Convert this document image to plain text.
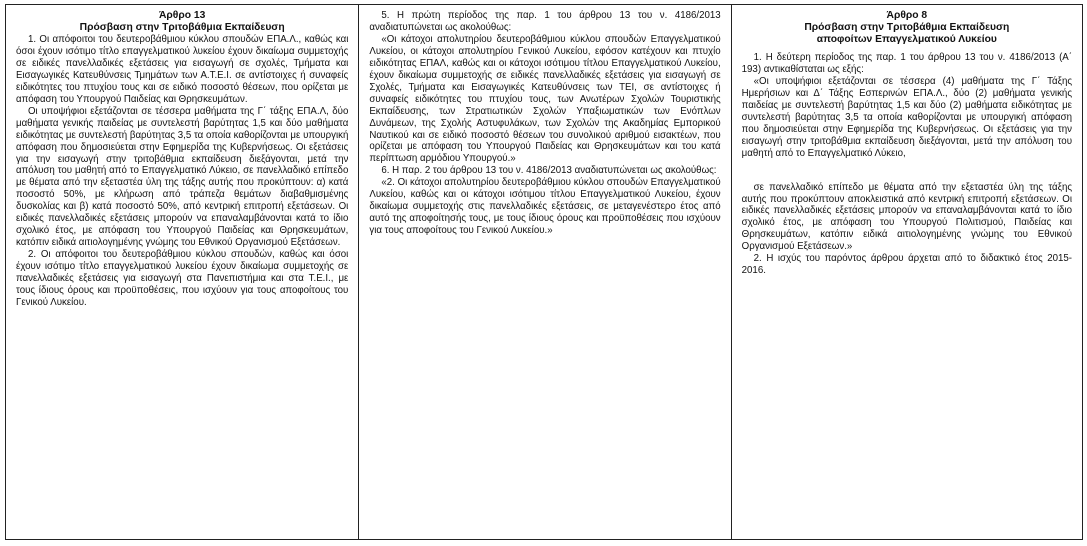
Άρθρο 13
Πρόσβαση στην Τριτοβάθμια Εκπαίδευση

1. Οι απόφοιτοι του δευτεροβάθμιου κύκλου σπουδών ΕΠΑ.Λ., καθώς και όσοι έχουν ισότιμο τίτλο επαγγελματικού λυκείου έχουν δικαίωμα συμμετοχής σε ειδικές πανελλαδικές εξετάσεις για εισαγωγή σε σχολές, Τμήματα και Εισαγωγικές Κατευθύνσεις Τμημάτων των Α.Τ.Ε.Ι. σε αντίστοιχες ή συναφείς ειδικότητες του πτυχίου τους και σε ειδικό ποσοστό θέσεων, που ορίζεται με απόφαση του Υπουργού Παιδείας και Θρησκευμάτων.

Οι υποψήφιοι εξετάζονται σε τέσσερα μαθήματα της Γ΄ τάξης ΕΠΑ.Λ, δύο μαθήματα γενικής παιδείας με συντελεστή βαρύτητας 1,5 και δύο μαθήματα ειδικότητας με συντελεστή βαρύτητας 3,5 τα οποία καθορίζονται με υπουργική απόφαση που δημοσιεύεται στην Εφημερίδα της Κυβερνήσεως. Οι εξετάσεις για την εισαγωγή στην τριτοβάθμια εκπαίδευση διεξάγονται, μετά την απόλυση του μαθητή από το Επαγγελματικό Λύκειο, σε πανελλαδικό επίπεδο με θέματα από την εξεταστέα ύλη της τάξης αυτής που προκύπτουν: α) κατά ποσοστό 50%, με κλήρωση από τράπεζα θεμάτων διαβαθμισμένης δυσκολίας και β) κατά ποσοστό 50%, από κεντρική επιτροπή εξετάσεων. Οι ειδικές πανελλαδικές εξετάσεις μπορούν να επαναλαμβάνονται κατά το ίδιο σχολικό έτος, με απόφαση του Υπουργού Παιδείας και Θρησκευμάτων, κατόπιν ειδικά αιτιολογημένης γνώμης του Εθνικού Οργανισμού Εξετάσεων.

2. Οι απόφοιτοι του δευτεροβάθμιου κύκλου σπουδών, καθώς και όσοι έχουν ισότιμο τίτλο επαγγελματικού λυκείου έχουν δικαίωμα συμμετοχής σε πανελλαδικές εξετάσεις για εισαγωγή στα Πανεπιστήμια και στα Τ.Ε.Ι., με τους ίδιους όρους και προϋποθέσεις, που ισχύουν για τους αποφοίτους του Γενικού Λυκείου.

5. Η πρώτη περίοδος της παρ. 1 του άρθρου 13 του ν. 4186/2013 αναδιατυπώνεται ως ακολούθως:

«Οι κάτοχοι απολυτηρίου δευτεροβάθμιου κύκλου σπουδών Επαγγελματικού Λυκείου, οι κάτοχοι απολυτηρίου Γενικού Λυκείου, εφόσον κατέχουν και πτυχίο ειδικότητας ΕΠΑΛ, καθώς και οι κάτοχοι ισότιμου τίτλου Επαγγελματικού Λυκείου, έχουν δικαίωμα συμμετοχής σε ειδικές πανελλαδικές εξετάσεις για εισαγωγή σε Σχολές, Τμήματα και Εισαγωγικές Κατευθύνσεις των ΤΕΙ, σε αντίστοιχες ή συναφείς ειδικότητες του πτυχίου τους, των Ανωτέρων Σχολών Τουριστικής Εκπαίδευσης, των Στρατιωτικών Σχολών Υπαξιωματικών των Ενόπλων Δυνάμεων, της Σχολής Αστυφυλάκων, των Σχολών της Ακαδημίας Εμπορικού Ναυτικού και σε ειδικό ποσοστό θέσεων του συνολικού αριθμού εισακτέων, που ορίζεται με απόφαση του Υπουργού Παιδείας και Θρησκευμάτων και του κατά περίπτωση αρμόδιου Υπουργού.»

6. Η παρ. 2 του άρθρου 13 του ν. 4186/2013 αναδιατυπώνεται ως ακολούθως:

«2. Οι κάτοχοι απολυτηρίου δευτεροβάθμιου κύκλου σπουδών Επαγγελματικού Λυκείου, καθώς και οι κάτοχοι ισότιμου τίτλου Επαγγελματικού Λυκείου, έχουν δικαίωμα συμμετοχής στις πανελλαδικές εξετάσεις, σε μεταγενέστερο έτος από αυτό της αποφοίτησής τους, με τους ίδιους όρους και προϋποθέσεις που ισχύουν για τους αποφοίτους του Γενικού Λυκείου.»

Άρθρο 8
Πρόσβαση στην Τριτοβάθμια Εκπαίδευση
αποφοίτων Επαγγελματικού Λυκείου

1. Η δεύτερη περίοδος της παρ. 1 του άρθρου 13 του ν. 4186/2013 (Α΄ 193) αντικαθίσταται ως εξής:

«Οι υποψήφιοι εξετάζονται σε τέσσερα (4) μαθήματα της Γ΄ Τάξης Ημερήσιων και Δ΄ Τάξης Εσπερινών ΕΠΑ.Λ., δύο (2) μαθήματα γενικής παιδείας με συντελεστή βαρύτητας 1,5 και δύο (2) μαθήματα ειδικότητας με συντελεστή βαρύτητας 3,5 τα οποία καθορίζονται με υπουργική απόφαση που δημοσιεύεται στην Εφημερίδα της Κυβερνήσεως. Οι εξετάσεις για την εισαγωγή στην τριτοβάθμια εκπαίδευση διεξάγονται, μετά την απόλυση του μαθητή από το Επαγγελματικό Λύκειο,

σε πανελλαδικό επίπεδο με θέματα από την εξεταστέα ύλη της τάξης αυτής που προκύπτουν αποκλειστικά από κεντρική επιτροπή εξετάσεων. Οι ειδικές πανελλαδικές εξετάσεις μπορούν να επαναλαμβάνονται κατά το ίδιο σχολικό έτος, με απόφαση του Υπουργού Πολιτισμού, Παιδείας και Θρησκευμάτων, κατόπιν ειδικά αιτιολογημένης γνώμης του Εθνικού Οργανισμού Εξετάσεων.»

2. Η ισχύς του παρόντος άρθρου άρχεται από το διδακτικό έτος 2015-2016.
